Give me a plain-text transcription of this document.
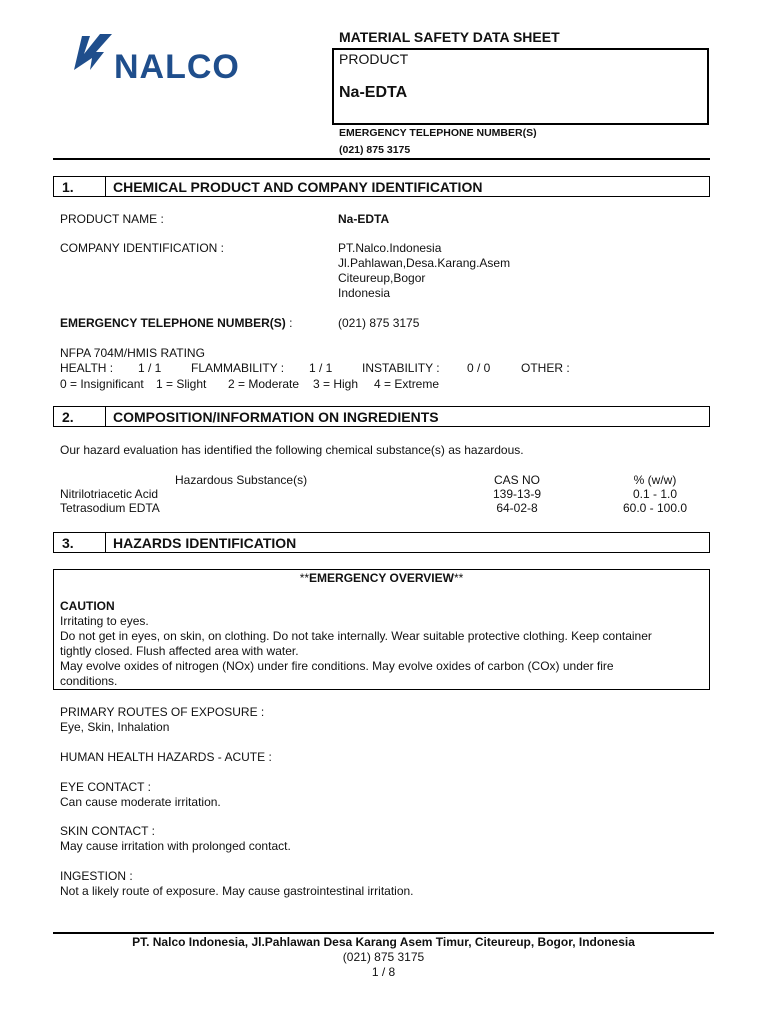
NALCO
MATERIAL SAFETY DATA SHEET
PRODUCT
Na-EDTA
EMERGENCY TELEPHONE NUMBER(S)
(021) 875 3175
1.	CHEMICAL PRODUCT AND COMPANY IDENTIFICATION
PRODUCT NAME :	Na-EDTA
COMPANY IDENTIFICATION :	PT.Nalco.Indonesia
Jl.Pahlawan,Desa.Karang.Asem
Citeureup,Bogor
Indonesia
EMERGENCY TELEPHONE NUMBER(S) :	(021) 875 3175
NFPA 704M/HMIS RATING
HEALTH : 1 / 1 FLAMMABILITY : 1 / 1 INSTABILITY : 0 / 0	OTHER :
0 = Insignificant 1 = Slight 2 = Moderate 3 = High 4 = Extreme
2.	COMPOSITION/INFORMATION ON INGREDIENTS
Our hazard evaluation has identified the following chemical substance(s) as hazardous.
Hazardous Substance(s)	CAS NO	% (w/w)
Nitrilotriacetic Acid	139-13-9	0.1 - 1.0
Tetrasodium EDTA	64-02-8	60.0 - 100.0
3.	HAZARDS IDENTIFICATION
**EMERGENCY OVERVIEW**
CAUTION
Irritating to eyes.
Do not get in eyes, on skin, on clothing. Do not take internally. Wear suitable protective clothing. Keep container
tightly closed. Flush affected area with water.
May evolve oxides of nitrogen (NOx) under fire conditions. May evolve oxides of carbon (COx) under fire
conditions.
PRIMARY ROUTES OF EXPOSURE :
Eye, Skin, Inhalation
HUMAN HEALTH HAZARDS - ACUTE :
EYE CONTACT :
Can cause moderate irritation.
SKIN CONTACT :
May cause irritation with prolonged contact.
INGESTION :
Not a likely route of exposure. May cause gastrointestinal irritation.
PT. Nalco Indonesia, Jl.Pahlawan Desa Karang Asem Timur, Citeureup, Bogor, Indonesia
(021) 875 3175
1 / 8
